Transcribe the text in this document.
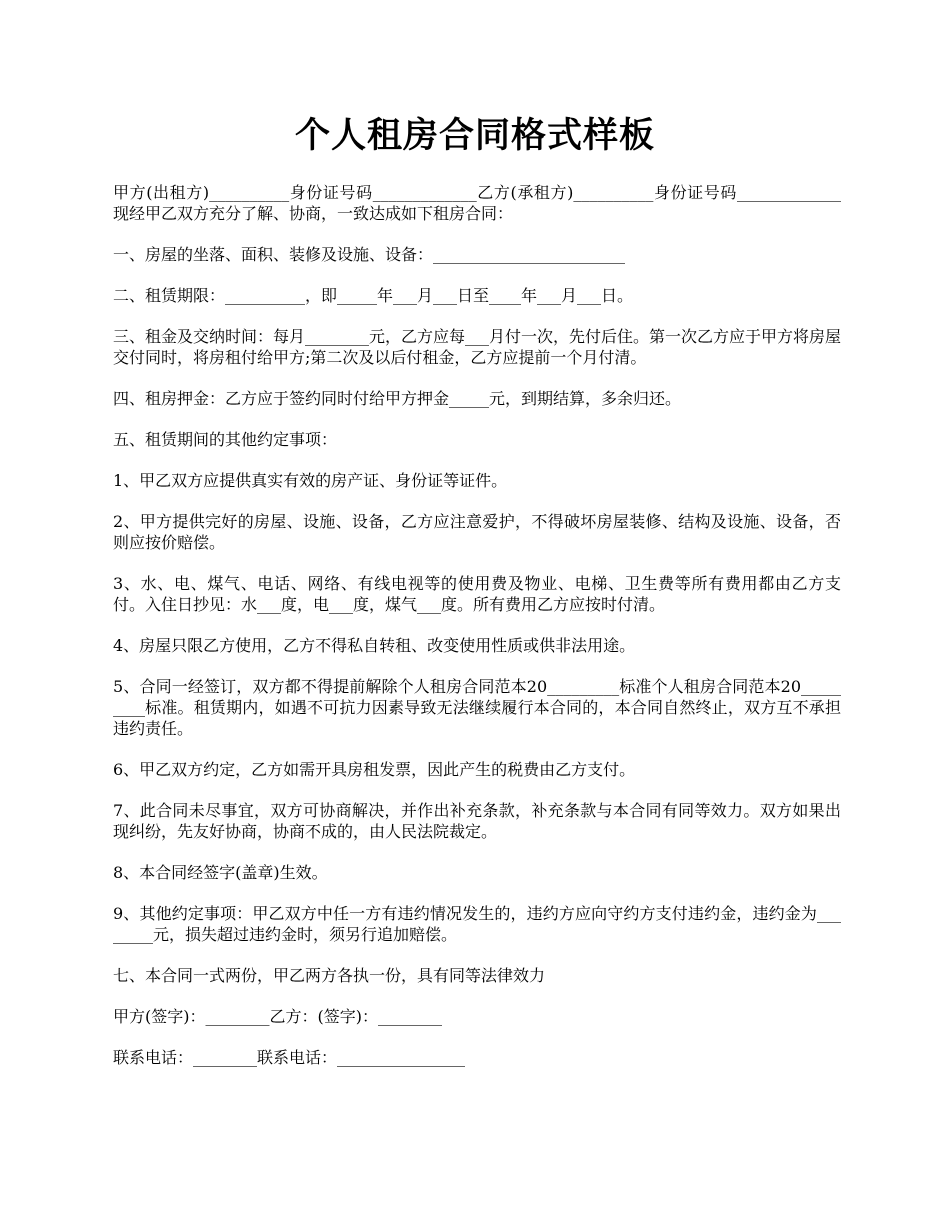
个人租房合同格式样板

甲方(出租方)__________身份证号码_____________乙方(承租方)__________身份证号码_____________现经甲乙双方充分了解、协商，一致达成如下租房合同：

一、房屋的坐落、面积、装修及设施、设备：________________________

二、租赁期限：__________，即_____年___月___日至____年___月___日。

三、租金及交纳时间：每月________元，乙方应每___月付一次，先付后住。第一次乙方应于甲方将房屋交付同时，将房租付给甲方;第二次及以后付租金，乙方应提前一个月付清。

四、租房押金：乙方应于签约同时付给甲方押金_____元，到期结算，多余归还。

五、租赁期间的其他约定事项：

1、甲乙双方应提供真实有效的房产证、身份证等证件。

2、甲方提供完好的房屋、设施、设备，乙方应注意爱护，不得破坏房屋装修、结构及设施、设备，否则应按价赔偿。

3、水、电、煤气、电话、网络、有线电视等的使用费及物业、电梯、卫生费等所有费用都由乙方支付。入住日抄见：水___度，电___度，煤气___度。所有费用乙方应按时付清。

4、房屋只限乙方使用，乙方不得私自转租、改变使用性质或供非法用途。

5、合同一经签订，双方都不得提前解除个人租房合同范本20_________标准个人租房合同范本20_________标准。租赁期内，如遇不可抗力因素导致无法继续履行本合同的，本合同自然终止，双方互不承担违约责任。

6、甲乙双方约定，乙方如需开具房租发票，因此产生的税费由乙方支付。

7、此合同未尽事宜，双方可协商解决，并作出补充条款，补充条款与本合同有同等效力。双方如果出现纠纷，先友好协商，协商不成的，由人民法院裁定。

8、本合同经签字(盖章)生效。

9、其他约定事项：甲乙双方中任一方有违约情况发生的，违约方应向守约方支付违约金，违约金为________元，损失超过违约金时，须另行追加赔偿。

七、本合同一式两份，甲乙两方各执一份，具有同等法律效力

甲方(签字)：________乙方：(签字)：________

联系电话：________联系电话：________________
